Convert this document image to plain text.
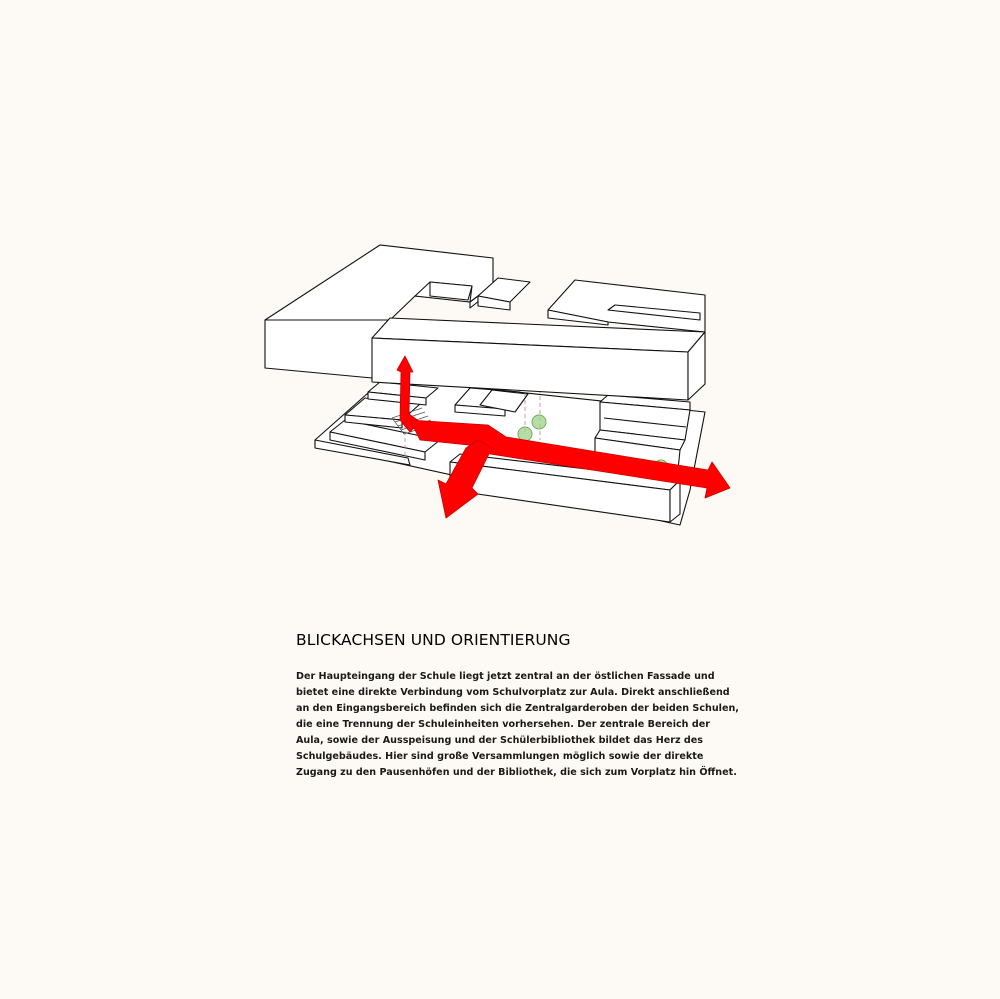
BLICKACHSEN UND ORIENTIERUNG

Der Haupteingang der Schule liegt jetzt zentral an der östlichen Fassade und
bietet eine direkte Verbindung vom Schulvorplatz zur Aula. Direkt anschließend
an den Eingangsbereich befinden sich die Zentralgarderoben der beiden Schulen,
die eine Trennung der Schuleinheiten vorhersehen. Der zentrale Bereich der
Aula, sowie der Ausspeisung und der Schülerbibliothek bildet das Herz des
Schulgebäudes. Hier sind große Versammlungen möglich sowie der direkte
Zugang zu den Pausenhöfen und der Bibliothek, die sich zum Vorplatz hin Öffnet.
